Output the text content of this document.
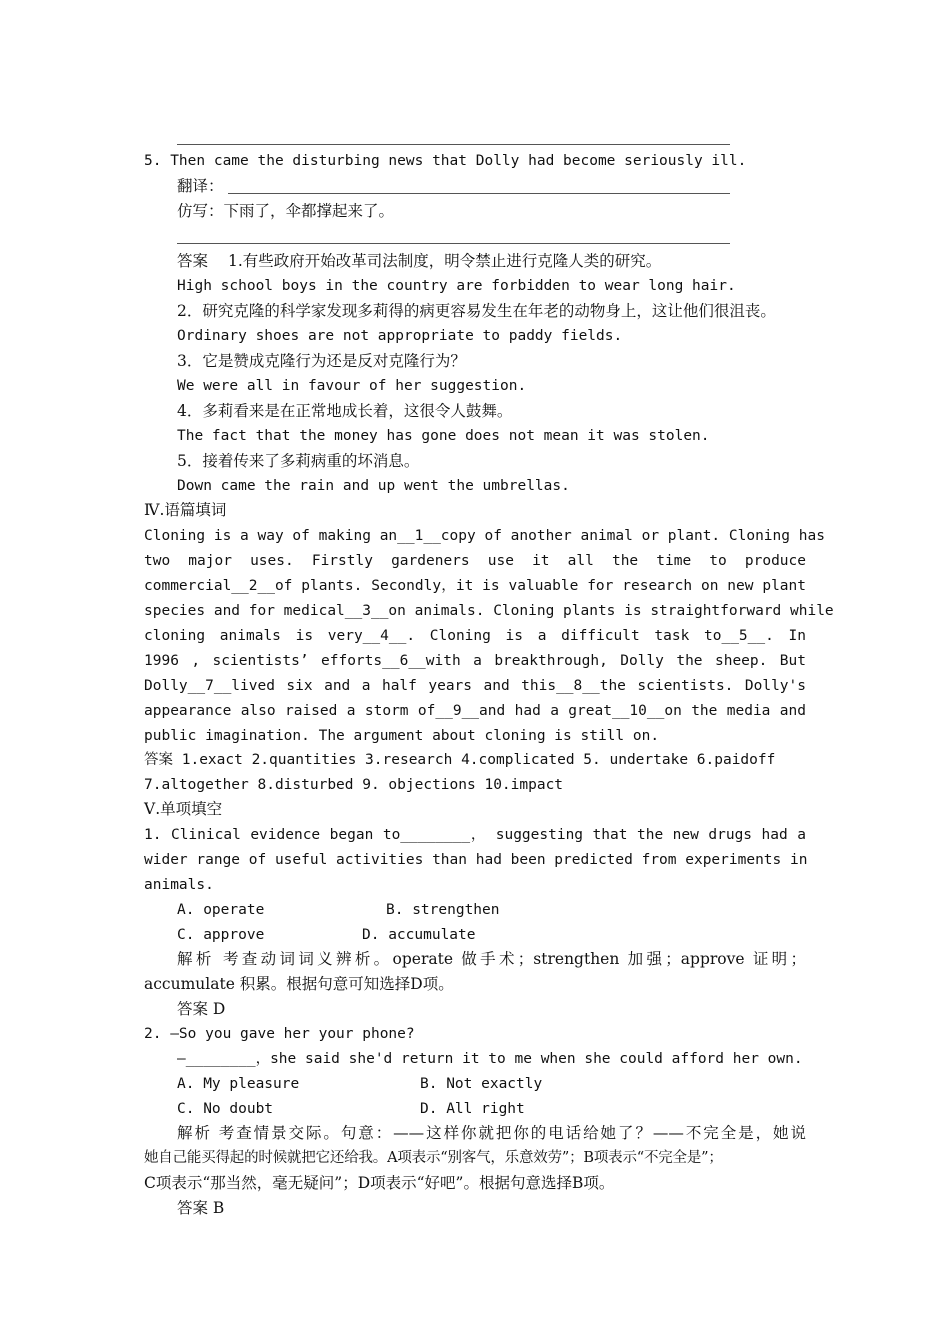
5. Then came the disturbing news that Dolly had become seriously ill.
翻译：
仿写：下雨了，伞都撑起来了。
答案 1.有些政府开始改革司法制度，明令禁止进行克隆人类的研究。
High school boys in the country are forbidden to wear long hair.
2．研究克隆的科学家发现多莉得的病更容易发生在年老的动物身上，这让他们很沮丧。
Ordinary shoes are not appropriate to paddy fields.
3．它是赞成克隆行为还是反对克隆行为？
We were all in favour of her suggestion.
4．多莉看来是在正常地成长着，这很令人鼓舞。
The fact that the money has gone does not mean it was stolen.
5．接着传来了多莉病重的坏消息。
Down came the rain and up went the umbrellas.
Ⅳ.语篇填词
Cloning is a way of making an__1__copy of another animal or plant. Cloning has
two major uses. Firstly gardeners use it all the time to produce
commercial__2__of plants. Secondly，it is valuable for research on new plant
species and for medical__3__on animals. Cloning plants is straightforward while
cloning animals is very__4__. Cloning is a difficult task to__5__. In
1996 , scientists’ efforts__6__with a breakthrough, Dolly the sheep. But
Dolly__7__lived six and a half years and this__8__the scientists. Dolly's
appearance also raised a storm of__9__and had a great__10__on the media and
public imagination. The argument about cloning is still on.
答案 1.exact 2.quantities 3.research 4.complicated 5. undertake 6.paidoff
7.altogether 8.disturbed 9. objections 10.impact
Ⅴ.单项填空
1. Clinical evidence began to________， suggesting that the new drugs had a
wider range of useful activities than had been predicted from experiments in
animals.
A. operate	B. strengthen
C. approve	D. accumulate
解析 考查动词词义辨析。operate 做手术；strengthen 加强；approve 证明；
accumulate 积累。根据句意可知选择D项。
答案 D
2. —So you gave her your phone?
—________，she said she'd return it to me when she could afford her own.
A. My pleasure	B. Not exactly
C. No doubt	D. All right
解析 考查情景交际。句意：——这样你就把你的电话给她了？——不完全是，她说
她自己能买得起的时候就把它还给我。A项表示“别客气，乐意效劳”；B项表示“不完全是”；
C项表示“那当然，毫无疑问”；D项表示“好吧”。根据句意选择B项。
答案 B
